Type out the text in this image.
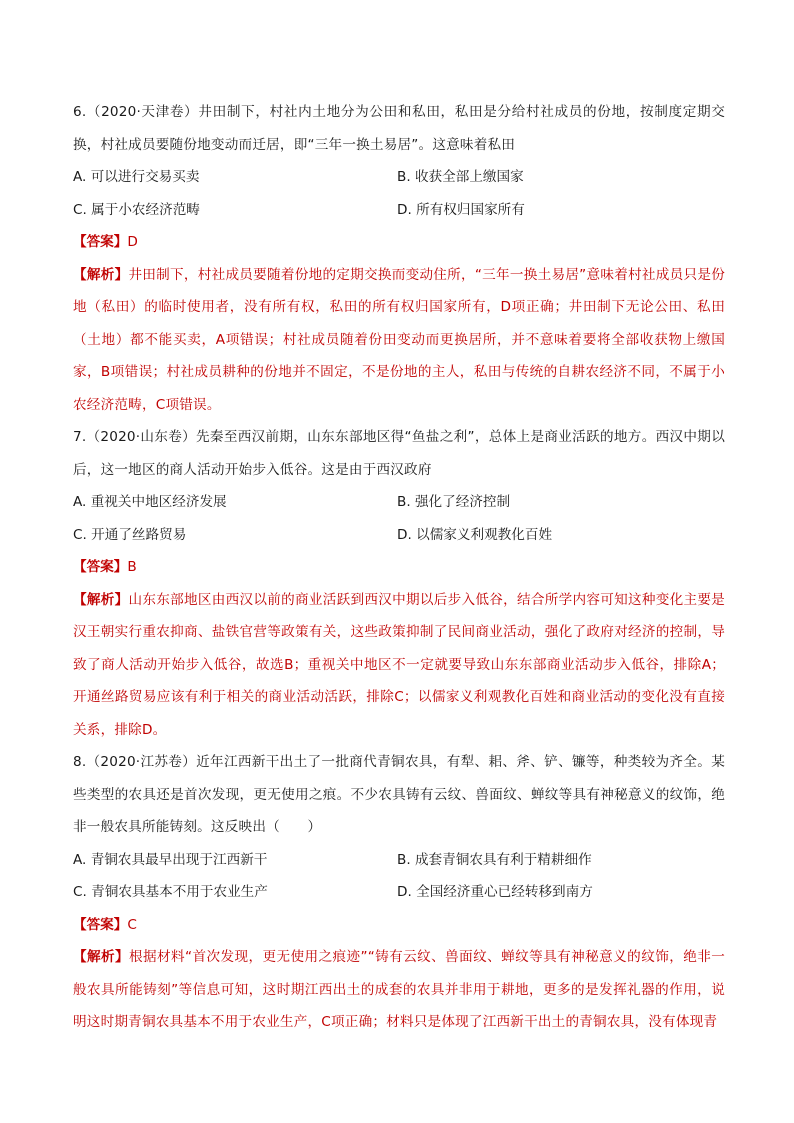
6.（2020·天津卷）井田制下，村社内土地分为公田和私田，私田是分给村社成员的份地，按制度定期交换，村社成员要随份地变动而迁居，即“三年一换土易居”。这意味着私田

A. 可以进行交易买卖	B. 收获全部上缴国家
C. 属于小农经济范畴	D. 所有权归国家所有
【答案】D

【解析】井田制下，村社成员要随着份地的定期交换而变动住所，“三年一换土易居”意味着村社成员只是份地（私田）的临时使用者，没有所有权，私田的所有权归国家所有，D项正确；井田制下无论公田、私田（土地）都不能买卖，A项错误；村社成员随着份田变动而更换居所，并不意味着要将全部收获物上缴国家，B项错误；村社成员耕种的份地并不固定，不是份地的主人，私田与传统的自耕农经济不同，不属于小农经济范畴，C项错误。

7.（2020·山东卷）先秦至西汉前期，山东东部地区得“鱼盐之利”，总体上是商业活跃的地方。西汉中期以后，这一地区的商人活动开始步入低谷。这是由于西汉政府

A. 重视关中地区经济发展	B. 强化了经济控制
C. 开通了丝路贸易	D. 以儒家义利观教化百姓
【答案】B

【解析】山东东部地区由西汉以前的商业活跃到西汉中期以后步入低谷，结合所学内容可知这种变化主要是汉王朝实行重农抑商、盐铁官营等政策有关，这些政策抑制了民间商业活动，强化了政府对经济的控制，导致了商人活动开始步入低谷，故选B；重视关中地区不一定就要导致山东东部商业活动步入低谷，排除A；开通丝路贸易应该有利于相关的商业活动活跃，排除C；以儒家义利观教化百姓和商业活动的变化没有直接关系，排除D。

8.（2020·江苏卷）近年江西新干出土了一批商代青铜农具，有犁、耜、斧、铲、镰等，种类较为齐全。某些类型的农具还是首次发现，更无使用之痕。不少农具铸有云纹、兽面纹、蝉纹等具有神秘意义的纹饰，绝非一般农具所能铸刻。这反映出（　　）

A. 青铜农具最早出现于江西新干	B. 成套青铜农具有利于精耕细作
C. 青铜农具基本不用于农业生产	D. 全国经济重心已经转移到南方
【答案】C

【解析】根据材料“首次发现，更无使用之痕迹”“铸有云纹、兽面纹、蝉纹等具有神秘意义的纹饰，绝非一般农具所能铸刻”等信息可知，这时期江西出土的成套的农具并非用于耕地，更多的是发挥礼器的作用，说明这时期青铜农具基本不用于农业生产，C项正确；材料只是体现了江西新干出土的青铜农具，没有体现青
